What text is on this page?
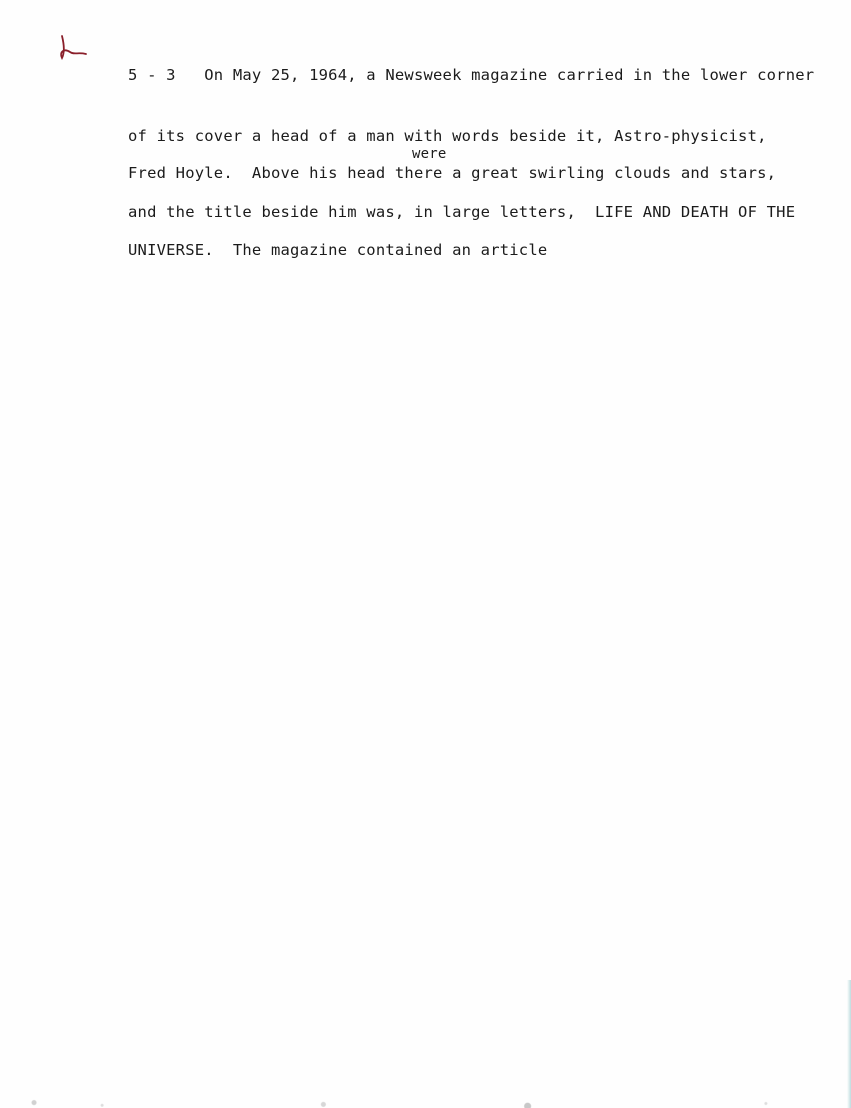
5 - 3   On May 25, 1964, a Newsweek magazine carried in the lower corner
of its cover a head of a man with words beside it, Astro-physicist,
were
Fred Hoyle.  Above his head there a great swirling clouds and stars,
and the title beside him was, in large letters,  LIFE AND DEATH OF THE
UNIVERSE.  The magazine contained an article
